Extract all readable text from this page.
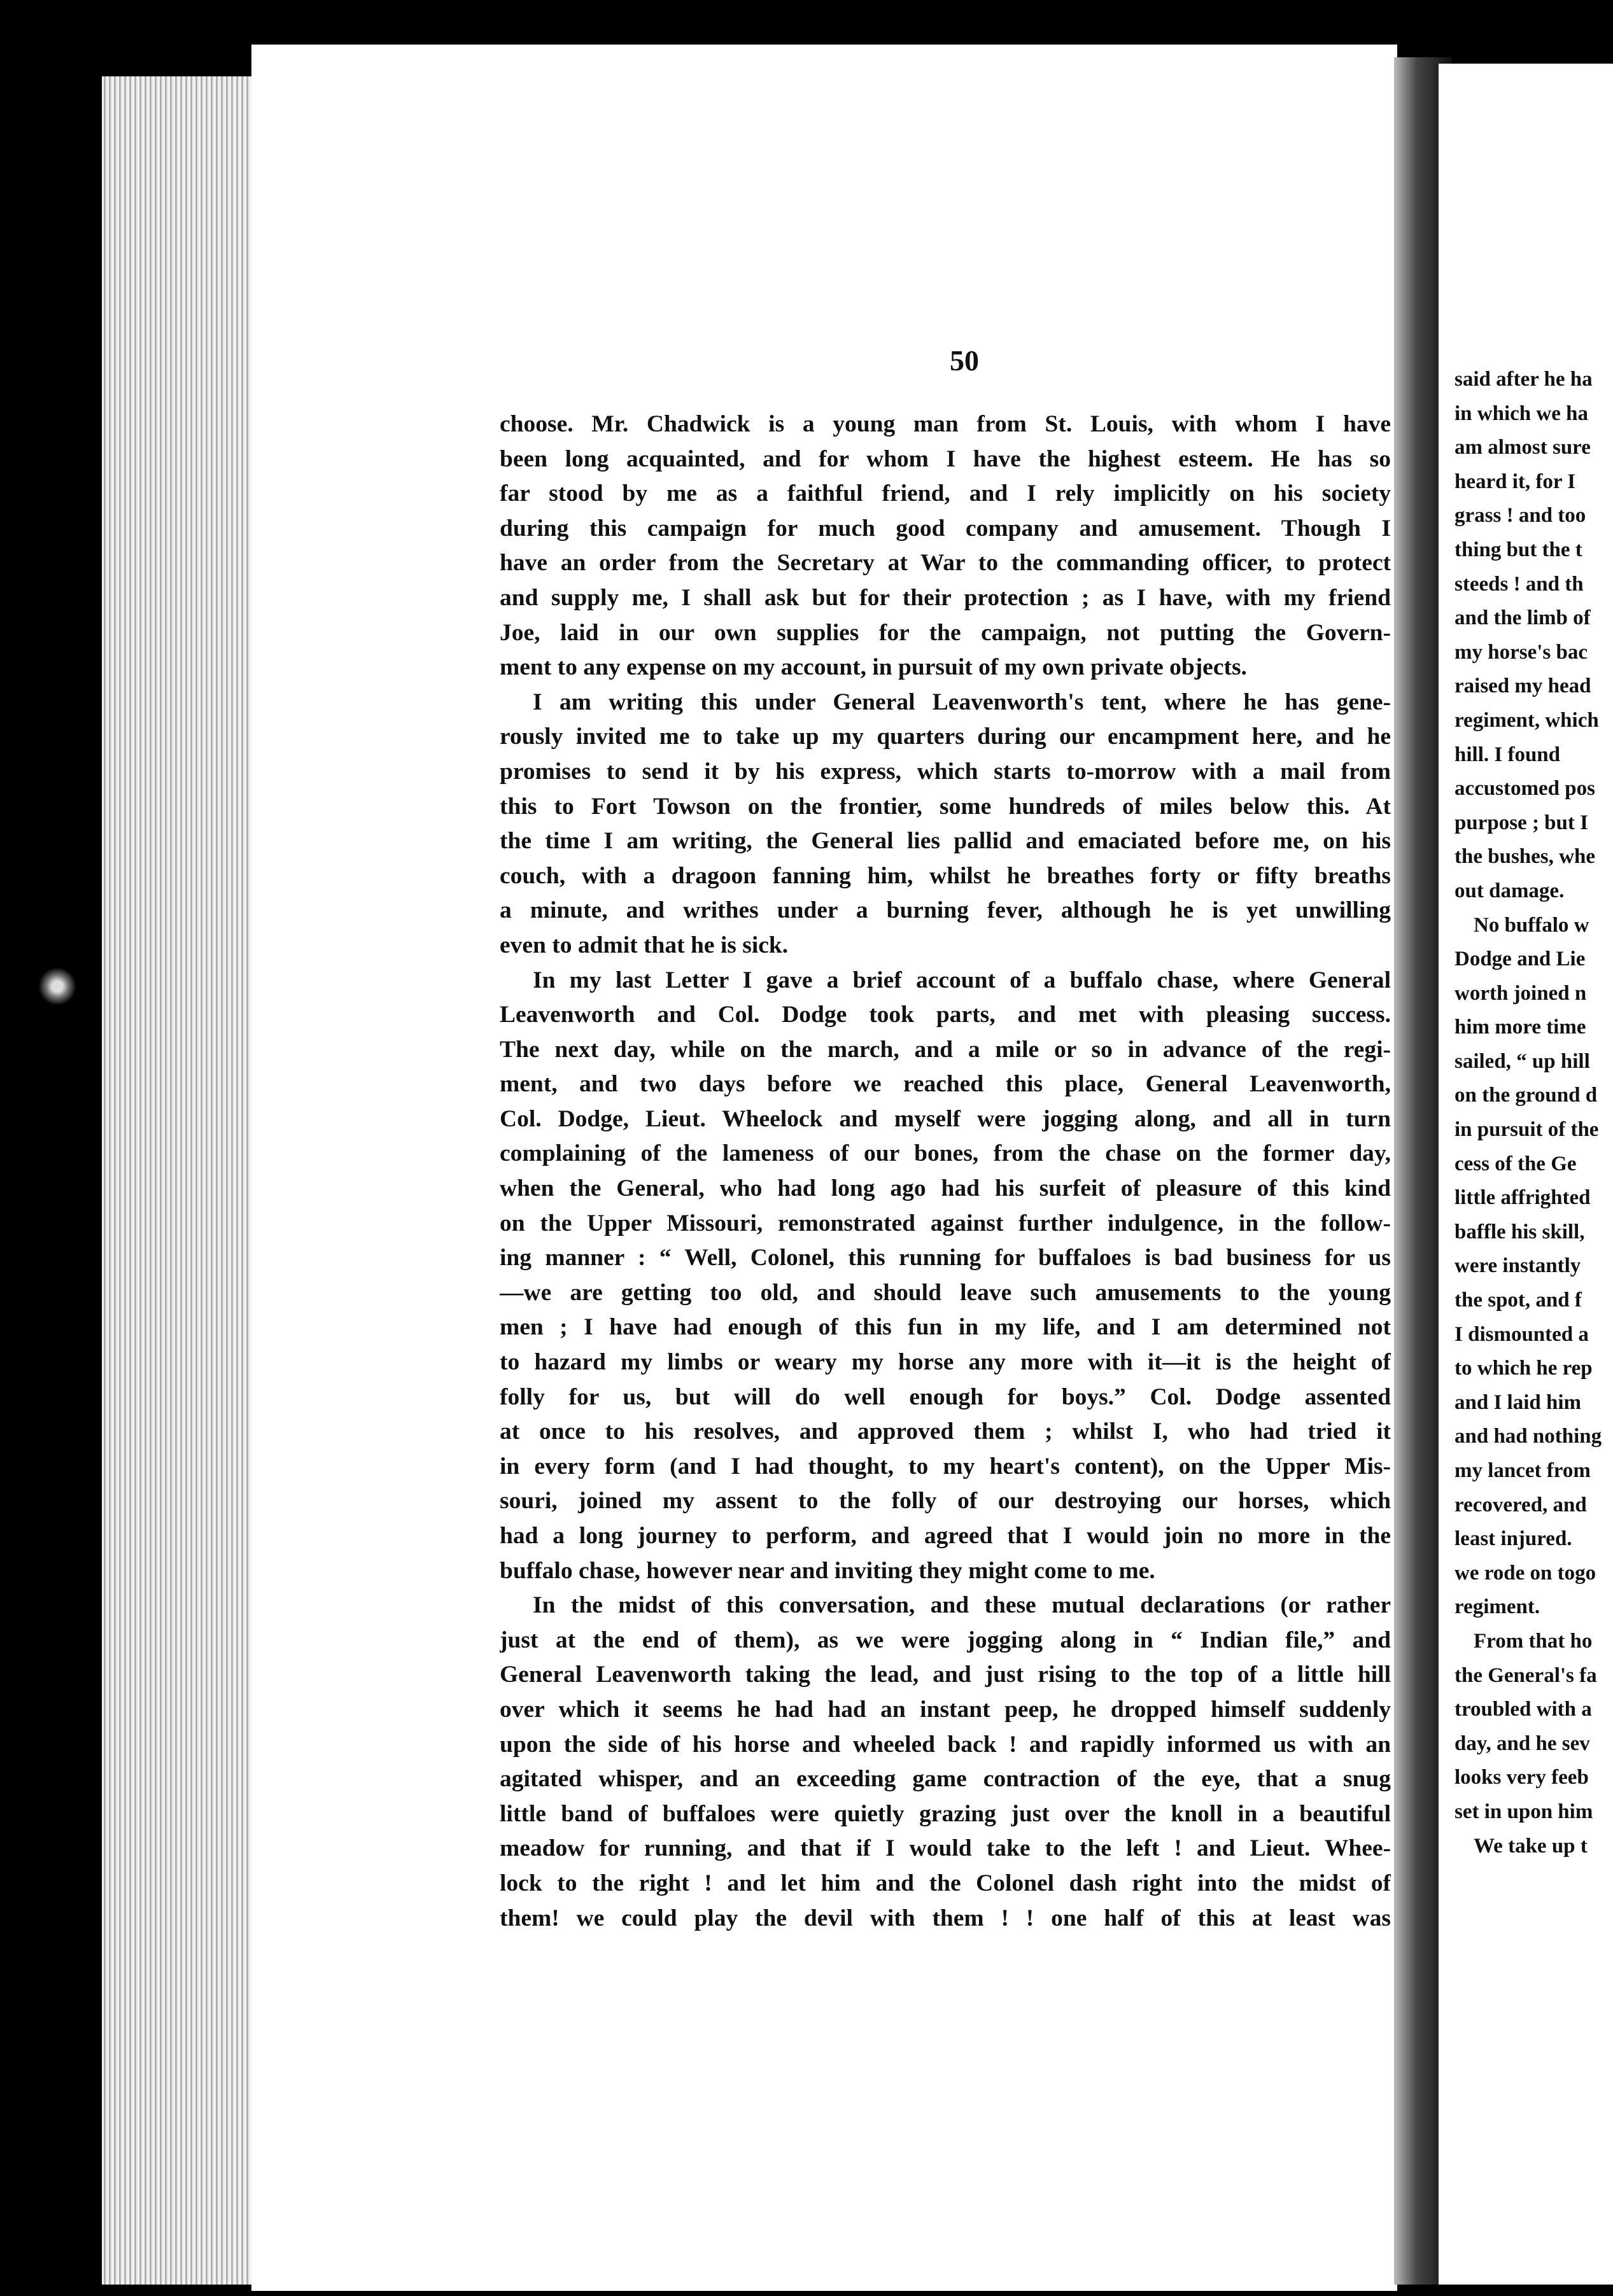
said after he ha
in which we ha
am almost sure
heard it, for I
grass ! and too
thing but the t
steeds ! and th
and the limb of
my horse's bac
raised my head
regiment, which
hill. I found
accustomed pos
purpose ; but I
the bushes, whe
out damage.
No buffalo w
Dodge and Lie
worth joined n
him more time
sailed, “ up hill
on the ground d
in pursuit of the
cess of the Ge
little affrighted
baffle his skill,
were instantly
the spot, and f
I dismounted a
to which he rep
and I laid him
and had nothing
my lancet from
recovered, and
least injured.
we rode on togo
regiment.
From that ho
the General's fa
troubled with a
day, and he sev
looks very feeb
set in upon him
We take up t
50
choose. Mr. Chadwick is a young man from St. Louis, with whom I have
been long acquainted, and for whom I have the highest esteem. He has so
far stood by me as a faithful friend, and I rely implicitly on his society
during this campaign for much good company and amusement. Though I
have an order from the Secretary at War to the commanding officer, to protect
and supply me, I shall ask but for their protection ; as I have, with my friend
Joe, laid in our own supplies for the campaign, not putting the Govern-
ment to any expense on my account, in pursuit of my own private objects.
I am writing this under General Leavenworth's tent, where he has gene-
rously invited me to take up my quarters during our encampment here, and he
promises to send it by his express, which starts to-morrow with a mail from
this to Fort Towson on the frontier, some hundreds of miles below this. At
the time I am writing, the General lies pallid and emaciated before me, on his
couch, with a dragoon fanning him, whilst he breathes forty or fifty breaths
a minute, and writhes under a burning fever, although he is yet unwilling
even to admit that he is sick.
In my last Letter I gave a brief account of a buffalo chase, where General
Leavenworth and Col. Dodge took parts, and met with pleasing success.
The next day, while on the march, and a mile or so in advance of the regi-
ment, and two days before we reached this place, General Leavenworth,
Col. Dodge, Lieut. Wheelock and myself were jogging along, and all in turn
complaining of the lameness of our bones, from the chase on the former day,
when the General, who had long ago had his surfeit of pleasure of this kind
on the Upper Missouri, remonstrated against further indulgence, in the follow-
ing manner : “ Well, Colonel, this running for buffaloes is bad business for us
—we are getting too old, and should leave such amusements to the young
men ; I have had enough of this fun in my life, and I am determined not
to hazard my limbs or weary my horse any more with it—it is the height of
folly for us, but will do well enough for boys.” Col. Dodge assented
at once to his resolves, and approved them ; whilst I, who had tried it
in every form (and I had thought, to my heart's content), on the Upper Mis-
souri, joined my assent to the folly of our destroying our horses, which
had a long journey to perform, and agreed that I would join no more in the
buffalo chase, however near and inviting they might come to me.
In the midst of this conversation, and these mutual declarations (or rather
just at the end of them), as we were jogging along in “ Indian file,” and
General Leavenworth taking the lead, and just rising to the top of a little hill
over which it seems he had had an instant peep, he dropped himself suddenly
upon the side of his horse and wheeled back ! and rapidly informed us with an
agitated whisper, and an exceeding game contraction of the eye, that a snug
little band of buffaloes were quietly grazing just over the knoll in a beautiful
meadow for running, and that if I would take to the left ! and Lieut. Whee-
lock to the right ! and let him and the Colonel dash right into the midst of
them! we could play the devil with them ! ! one half of this at least was
